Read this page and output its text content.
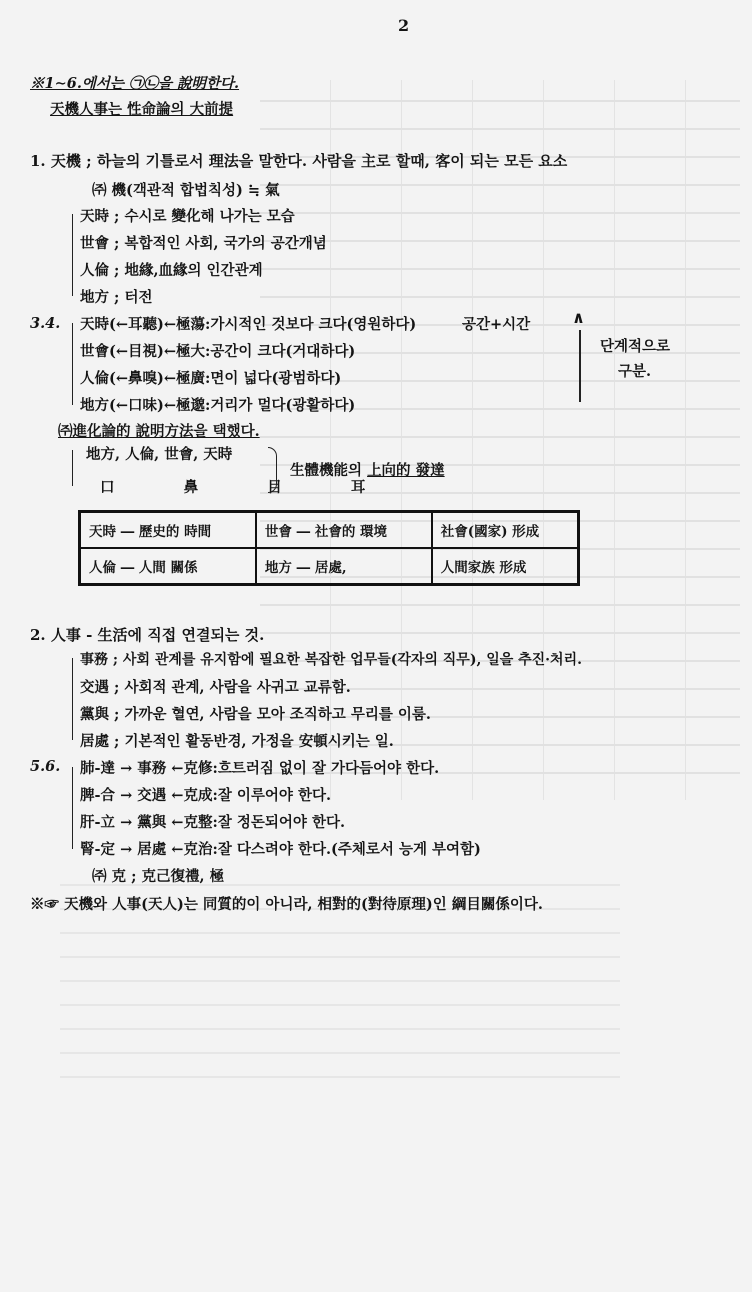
2
※1∼6.에서는 ㉠㉡을 說明한다.
天機人事는 性命論의 大前提
1. 天機 ; 하늘의 기틀로서 理法을 말한다. 사람을 主로 할때, 客이 되는 모든 요소
㈜ 機(객관적 합법칙성) ≒ 氣
天時 ; 수시로 變化해 나가는 모습
世會 ; 복합적인 사회, 국가의 공간개념
人倫 ; 地緣,血緣의 인간관계
地方 ; 터전
3.4. 天時(←耳聽)←極蕩:가시적인 것보다 크다(영원하다)
世會(←目視)←極大:공간이 크다(거대하다)
人倫(←鼻嗅)←極廣:면이 넓다(광범하다)
地方(←口味)←極邈:거리가 멀다(광활하다)
공간+시간	∧
단계적으로
구분.
㈜進化論的 說明方法을 택했다.
地方, 人倫, 世會, 天時
口   鼻   目   耳
生體機能의 上向的 發達
天時 ― 歷史的 時間	世會 ― 社會的 環境	社會(國家) 形成
人倫 ― 人間 關係	地方 ― 居處,	人間家族 形成
2. 人事 - 生活에 직접 연결되는 것.
事務 ; 사회 관계를 유지함에 필요한 복잡한 업무들(각자의 직무), 일을 추진·처리.
交遇 ; 사회적 관계, 사람을 사귀고 교류함.
黨與 ; 가까운 혈연, 사람을 모아 조직하고 무리를 이룸.
居處 ; 기본적인 활동반경, 가정을 安頓시키는 일.
5.6. 肺-達 → 事務 ←克修:흐트러짐 없이 잘 가다듬어야 한다.
脾-合 → 交遇 ←克成:잘 이루어야 한다.
肝-立 → 黨與 ←克整:잘 정돈되어야 한다.
腎-定 → 居處 ←克治:잘 다스려야 한다.(주체로서 능게 부여함)
㈜ 克 ; 克己復禮, 極
※☞ 天機와 人事(天人)는 同質的이 아니라, 相對的(對待原理)인 綱目關係이다.
